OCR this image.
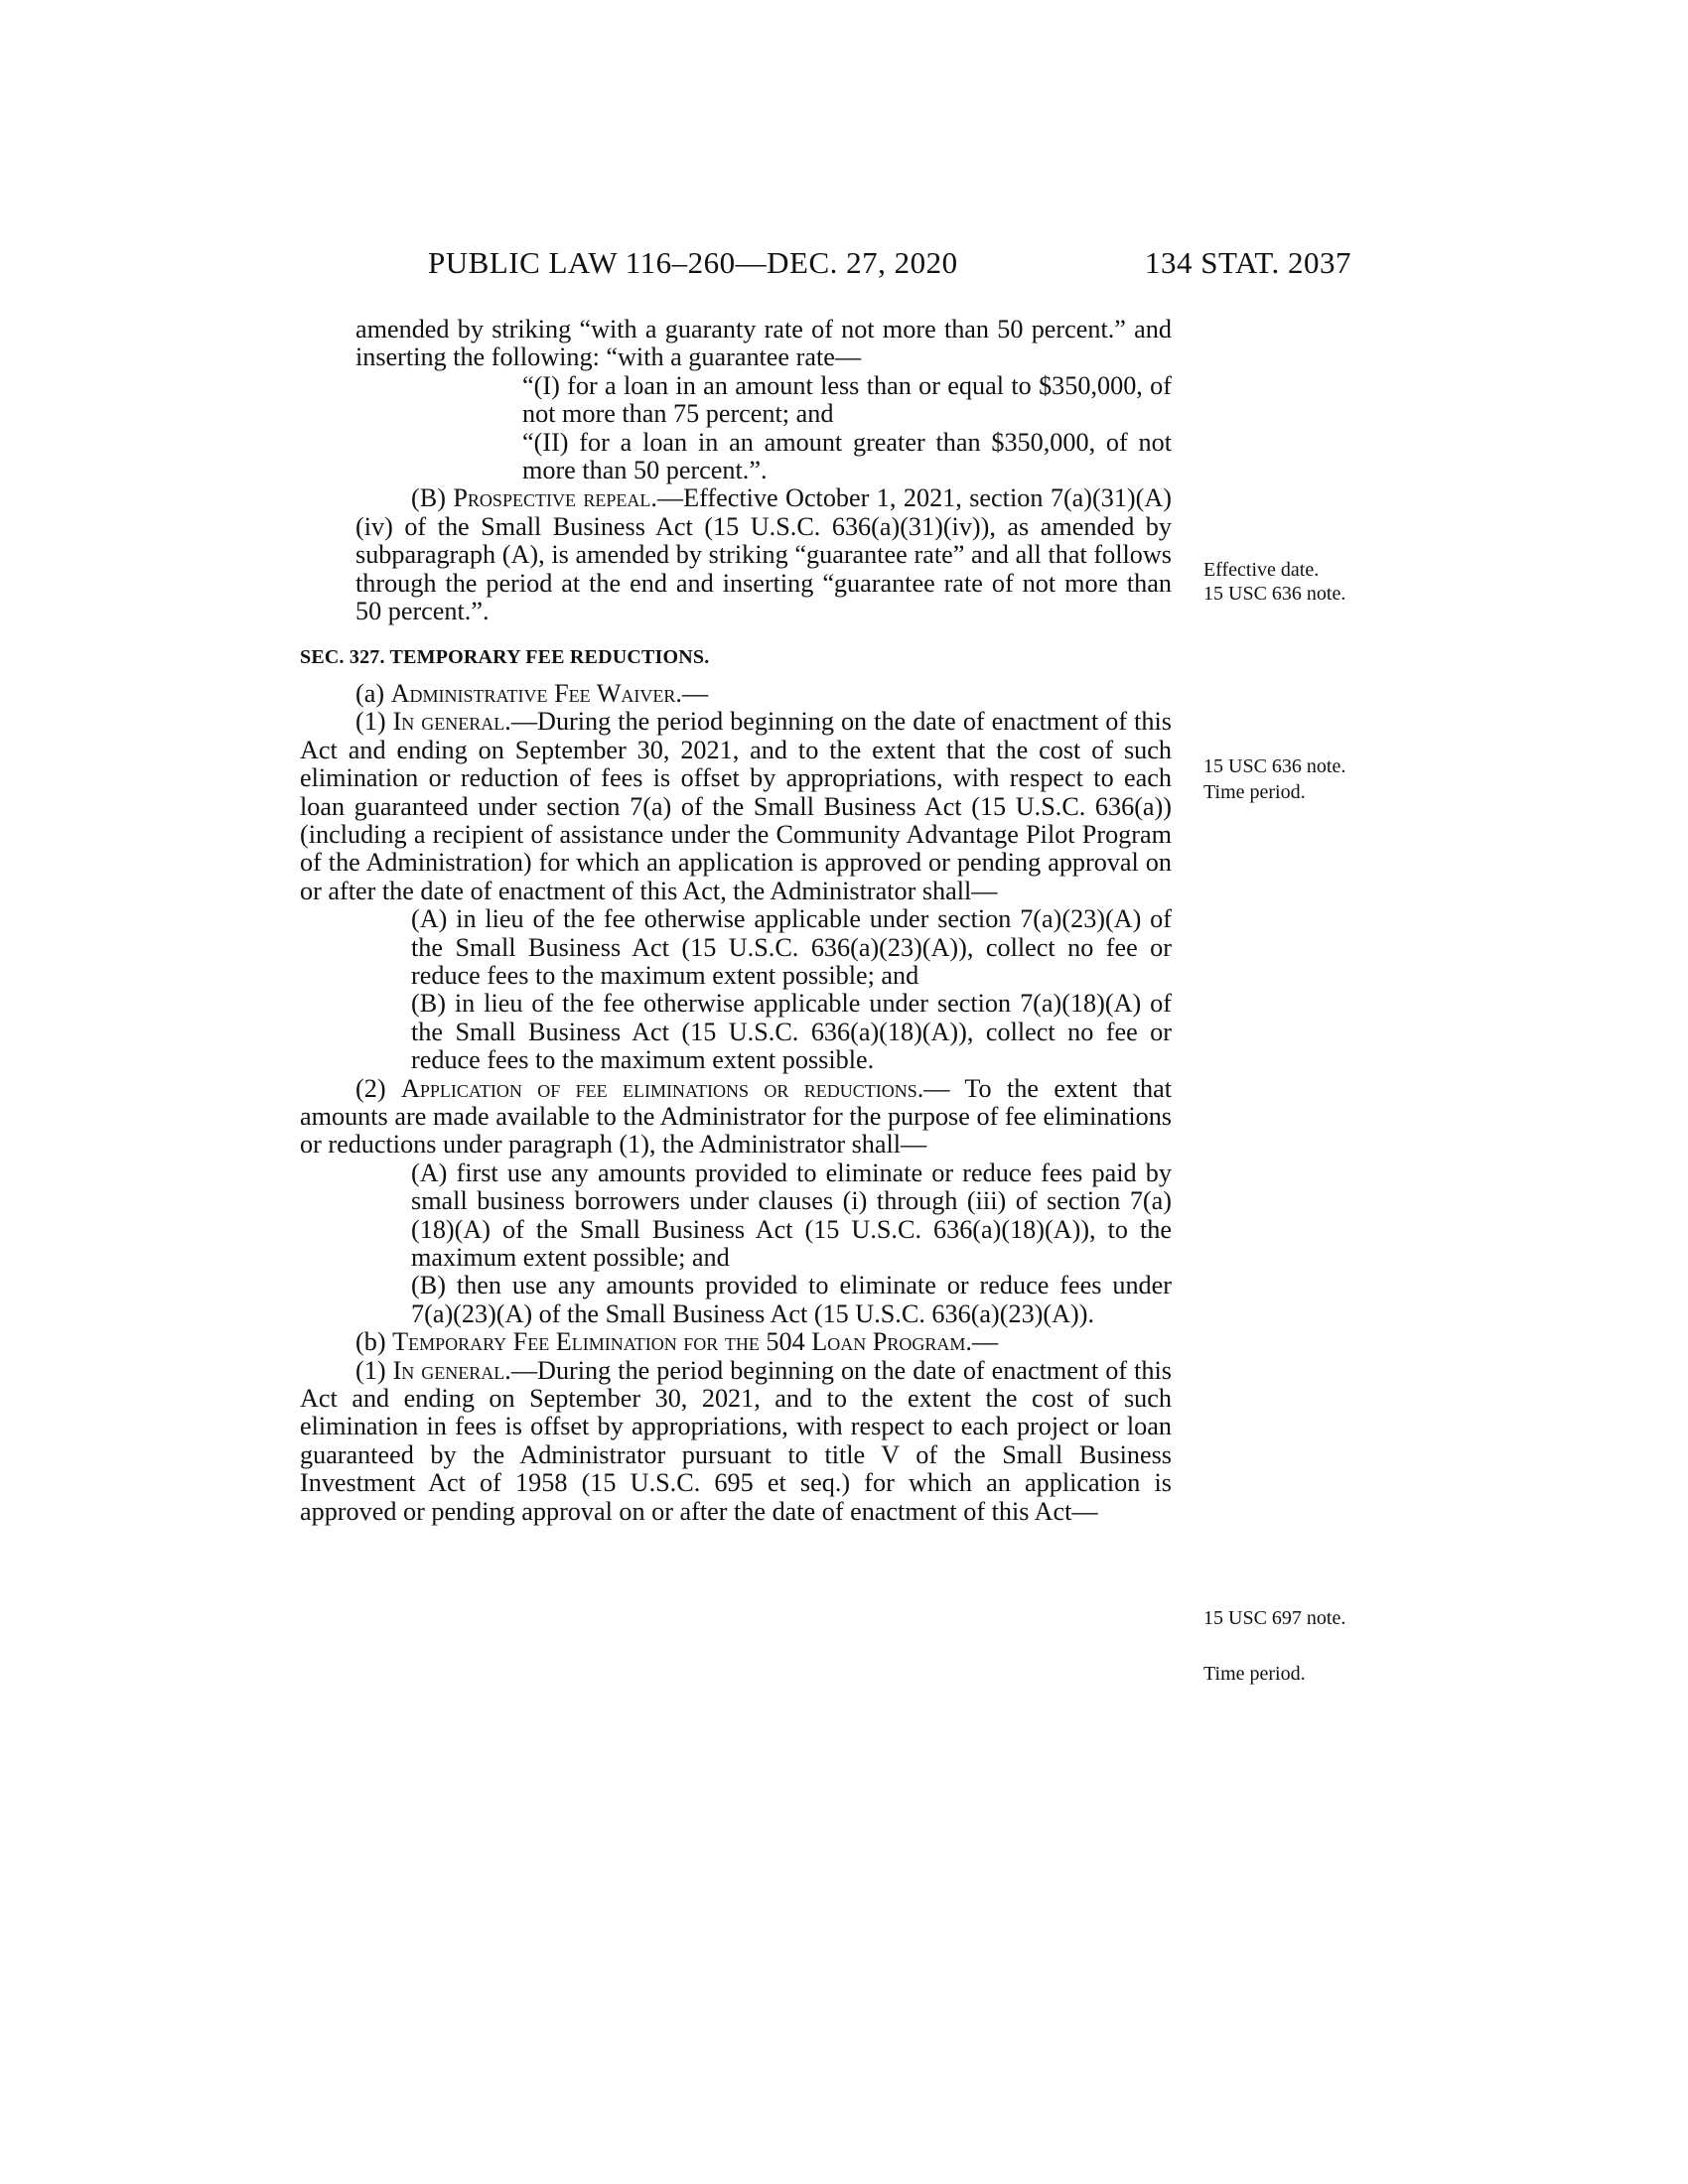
PUBLIC LAW 116–260—DEC. 27, 2020	134 STAT. 2037

amended by striking “with a guaranty rate of not more than 50 percent.” and inserting the following: “with a guarantee rate—

“(I) for a loan in an amount less than or equal to $350,000, of not more than 75 percent; and

“(II) for a loan in an amount greater than $350,000, of not more than 50 percent.”.

(B) Prospective repeal.—Effective October 1, 2021, section 7(a)(31)(A)(iv) of the Small Business Act (15 U.S.C. 636(a)(31)(iv)), as amended by subparagraph (A), is amended by striking “guarantee rate” and all that follows through the period at the end and inserting “guarantee rate of not more than 50 percent.”.

SEC. 327. TEMPORARY FEE REDUCTIONS.

(a) Administrative Fee Waiver.—

(1) In general.—During the period beginning on the date of enactment of this Act and ending on September 30, 2021, and to the extent that the cost of such elimination or reduction of fees is offset by appropriations, with respect to each loan guaranteed under section 7(a) of the Small Business Act (15 U.S.C. 636(a)) (including a recipient of assistance under the Community Advantage Pilot Program of the Administration) for which an application is approved or pending approval on or after the date of enactment of this Act, the Administrator shall—

(A) in lieu of the fee otherwise applicable under section 7(a)(23)(A) of the Small Business Act (15 U.S.C. 636(a)(23)(A)), collect no fee or reduce fees to the maximum extent possible; and

(B) in lieu of the fee otherwise applicable under section 7(a)(18)(A) of the Small Business Act (15 U.S.C. 636(a)(18)(A)), collect no fee or reduce fees to the maximum extent possible.

(2) Application of fee eliminations or reductions.— To the extent that amounts are made available to the Administrator for the purpose of fee eliminations or reductions under paragraph (1), the Administrator shall—

(A) first use any amounts provided to eliminate or reduce fees paid by small business borrowers under clauses (i) through (iii) of section 7(a)(18)(A) of the Small Business Act (15 U.S.C. 636(a)(18)(A)), to the maximum extent possible; and

(B) then use any amounts provided to eliminate or reduce fees under 7(a)(23)(A) of the Small Business Act (15 U.S.C. 636(a)(23)(A)).

(b) Temporary Fee Elimination for the 504 Loan Program.—

(1) In general.—During the period beginning on the date of enactment of this Act and ending on September 30, 2021, and to the extent the cost of such elimination in fees is offset by appropriations, with respect to each project or loan guaranteed by the Administrator pursuant to title V of the Small Business Investment Act of 1958 (15 U.S.C. 695 et seq.) for which an application is approved or pending approval on or after the date of enactment of this Act—

Effective date.
15 USC 636 note.
15 USC 636 note.
Time period.
15 USC 697 note.
Time period.
